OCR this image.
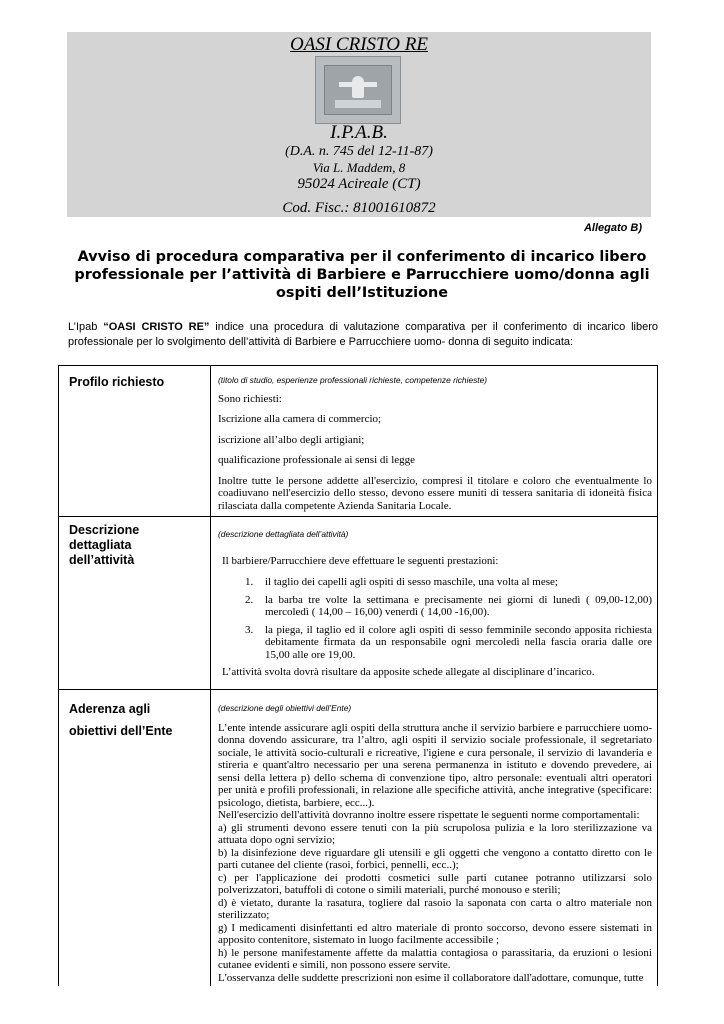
OASI CRISTO RE
I.P.A.B.
(D.A. n. 745 del 12-11-87)
Via L. Maddem, 8
95024 Acireale (CT)
Cod. Fisc.: 81001610872
Allegato B)
Avviso di procedura comparativa per il conferimento di incarico libero professionale per l’attività di Barbiere e Parrucchiere uomo/donna agli ospiti dell’Istituzione

L’Ipab “OASI CRISTO RE” indice una procedura di valutazione comparativa per il conferimento di incarico libero professionale per lo svolgimento dell’attività di Barbiere e Parrucchiere uomo- donna di seguito indicata:

Profilo richiesto	(titolo di studio, esperienze professionali richieste, competenze richieste)

Sono richiesti:

Iscrizione alla camera di commercio;

iscrizione all’albo degli artigiani;

qualificazione professionale ai sensi di legge

Inoltre tutte le persone addette all'esercizio, compresi il titolare e coloro che eventualmente lo coadiuvano nell'esercizio dello stesso, devono essere muniti di tessera sanitaria di idoneità fisica rilasciata dalla competente Azienda Sanitaria Locale.

Descrizione dettagliata dell’attività

(descrizione dettagliata dell’attività)

Il barbiere/Parrucchiere deve effettuare le seguenti prestazioni:

1. il taglio dei capelli agli ospiti di sesso maschile, una volta al mese;
2. la barba tre volte la settimana e precisamente nei giorni di lunedì ( 09,00-12,00) mercoledì ( 14,00 – 16,00) venerdì ( 14,00 -16,00).
3. la piega, il taglio ed il colore agli ospiti di sesso femminile secondo apposita richiesta debitamente firmata da un responsabile ogni mercoledì nella fascia oraria dalle ore 15,00 alle ore 19,00.

L’attività svolta dovrà risultare da apposite schede allegate al disciplinare d’incarico.

Aderenza agli
obiettivi dell’Ente

(descrizione degli obiettivi dell’Ente)

L’ente intende assicurare agli ospiti della struttura anche il servizio barbiere e parrucchiere uomo-donna dovendo assicurare, tra l’altro, agli ospiti il servizio sociale professionale, il segretariato sociale, le attività socio-culturali e ricreative, l'igiene e cura personale, il servizio di lavanderia e stireria e quant'altro necessario per una serena permanenza in istituto e dovendo prevedere, ai sensi della lettera p) dello schema di convenzione tipo, altro personale: eventuali altri operatori per unità e profili professionali, in relazione alle specifiche attività, anche integrative (specificare: psicologo, dietista, barbiere, ecc...).

Nell'esercizio dell'attività dovranno inoltre essere rispettate le seguenti norme comportamentali:

a) gli strumenti devono essere tenuti con la più scrupolosa pulizia e la loro sterilizzazione va attuata dopo ogni servizio;

b) la disinfezione deve riguardare gli utensili e gli oggetti che vengono a contatto diretto con le parti cutanee del cliente (rasoi, forbici, pennelli, ecc..);

c) per l'applicazione dei prodotti cosmetici sulle parti cutanee potranno utilizzarsi solo polverizzatori, batuffoli di cotone o simili materiali, purché monouso e sterili;

d) è vietato, durante la rasatura, togliere dal rasoio la saponata con carta o altro materiale non sterilizzato;

g) I medicamenti disinfettanti ed altro materiale di pronto soccorso, devono essere sistemati in apposito contenitore, sistemato in luogo facilmente accessibile ;

h) le persone manifestamente affette da malattia contagiosa o parassitaria, da eruzioni o lesioni cutanee evidenti e simili, non possono essere servite.

L'osservanza delle suddette prescrizioni non esime il collaboratore dall'adottare, comunque, tutte
